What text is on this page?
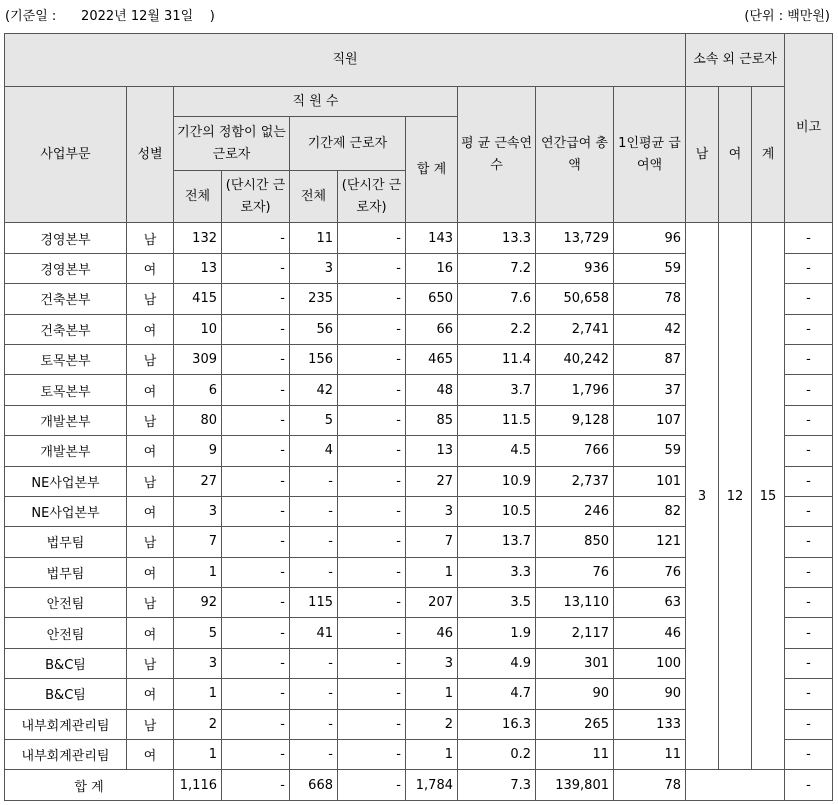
(기준일 :      2022년 12월 31일    )	(단위 : 백만원)
직원										소속 외 근로자			비고
사업부문	성별	직 원 수					평 균 근속연수	연간급여 총 액	1인평균 급여액	남	여	계	
		기간의 정함이 없는 근로자		기간제 근로자		합 계							
		전체	(단시간 근로자)	전체	(단시간 근로자)								
경영본부	남	132	-	11	-	143	13.3	13,729	96	3	12	15	-
경영본부	여	13	-	3	-	16	7.2	936	59				-
건축본부	남	415	-	235	-	650	7.6	50,658	78				-
건축본부	여	10	-	56	-	66	2.2	2,741	42				-
토목본부	남	309	-	156	-	465	11.4	40,242	87				-
토목본부	여	6	-	42	-	48	3.7	1,796	37				-
개발본부	남	80	-	5	-	85	11.5	9,128	107				-
개발본부	여	9	-	4	-	13	4.5	766	59				-
NE사업본부	남	27	-	-	-	27	10.9	2,737	101				-
NE사업본부	여	3	-	-	-	3	10.5	246	82				-
법무팀	남	7	-	-	-	7	13.7	850	121				-
법무팀	여	1	-	-	-	1	3.3	76	76				-
안전팀	남	92	-	115	-	207	3.5	13,110	63				-
안전팀	여	5	-	41	-	46	1.9	2,117	46				-
B&C팀	남	3	-	-	-	3	4.9	301	100				-
B&C팀	여	1	-	-	-	1	4.7	90	90				-
내부회계관리팀	남	2	-	-	-	2	16.3	265	133				-
내부회계관리팀	여	1	-	-	-	1	0.2	11	11				-
합 계		1,116	-	668	-	1,784	7.3	139,801	78				-
